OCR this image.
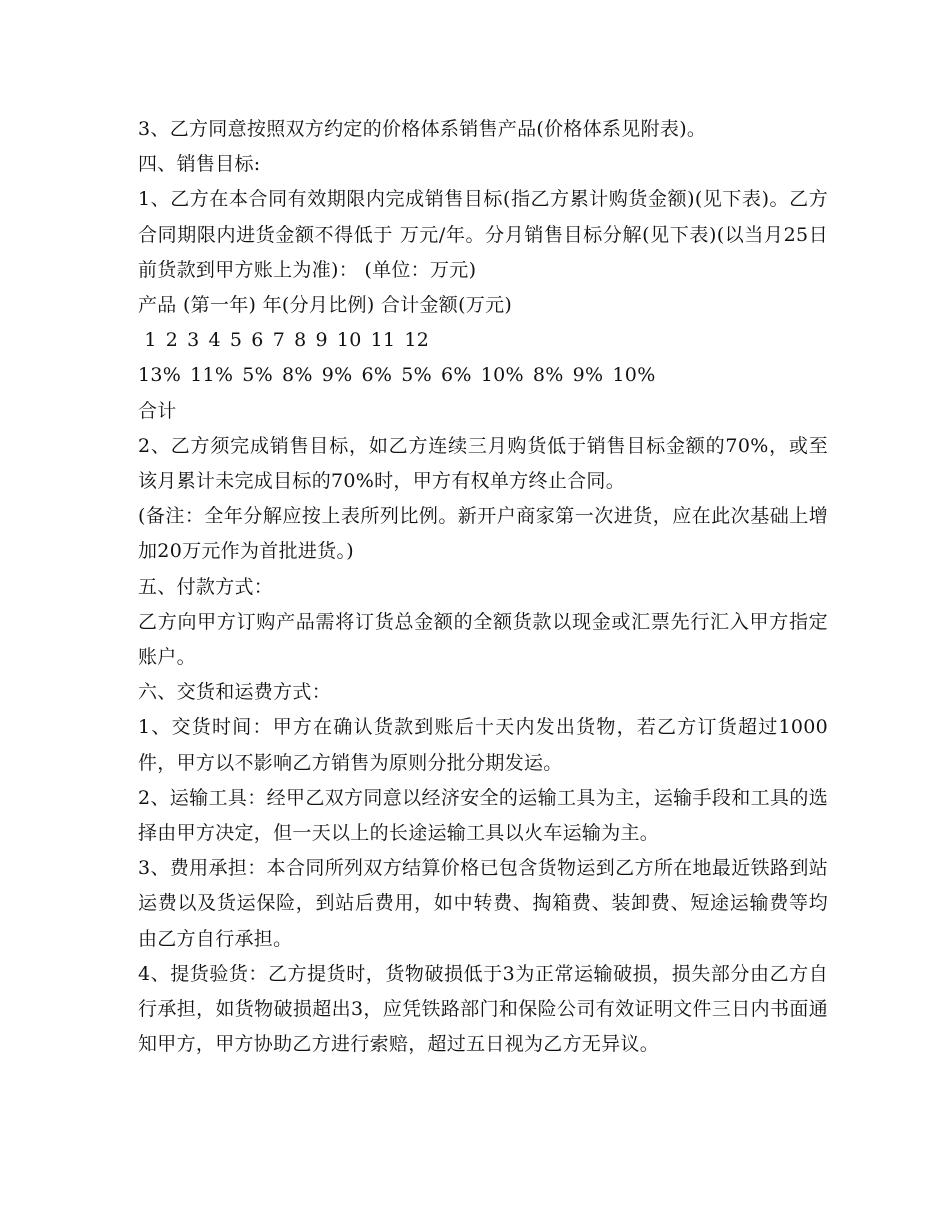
3、乙方同意按照双方约定的价格体系销售产品(价格体系见附表)。

四、销售目标:

1、乙方在本合同有效期限内完成销售目标(指乙方累计购货金额)(见下表)。乙方合同期限内进货金额不得低于 万元/年。分月销售目标分解(见下表)(以当月25日前货款到甲方账上为准)： (单位：万元)

产品 (第一年) 年(分月比例) 合计金额(万元)

1 2 3 4 5 6 7 8 9 10 11 12

13% 11% 5% 8% 9% 6% 5% 6% 10% 8% 9% 10%

合计

2、乙方须完成销售目标，如乙方连续三月购货低于销售目标金额的70%，或至该月累计未完成目标的70%时，甲方有权单方终止合同。

(备注：全年分解应按上表所列比例。新开户商家第一次进货，应在此次基础上增加20万元作为首批进货。)

五、付款方式：

乙方向甲方订购产品需将订货总金额的全额货款以现金或汇票先行汇入甲方指定账户。

六、交货和运费方式：

1、交货时间：甲方在确认货款到账后十天内发出货物，若乙方订货超过1000件，甲方以不影响乙方销售为原则分批分期发运。

2、运输工具：经甲乙双方同意以经济安全的运输工具为主，运输手段和工具的选择由甲方决定，但一天以上的长途运输工具以火车运输为主。

3、费用承担：本合同所列双方结算价格已包含货物运到乙方所在地最近铁路到站运费以及货运保险，到站后费用，如中转费、掏箱费、装卸费、短途运输费等均由乙方自行承担。

4、提货验货：乙方提货时，货物破损低于3为正常运输破损，损失部分由乙方自行承担，如货物破损超出3，应凭铁路部门和保险公司有效证明文件三日内书面通知甲方，甲方协助乙方进行索赔，超过五日视为乙方无异议。
